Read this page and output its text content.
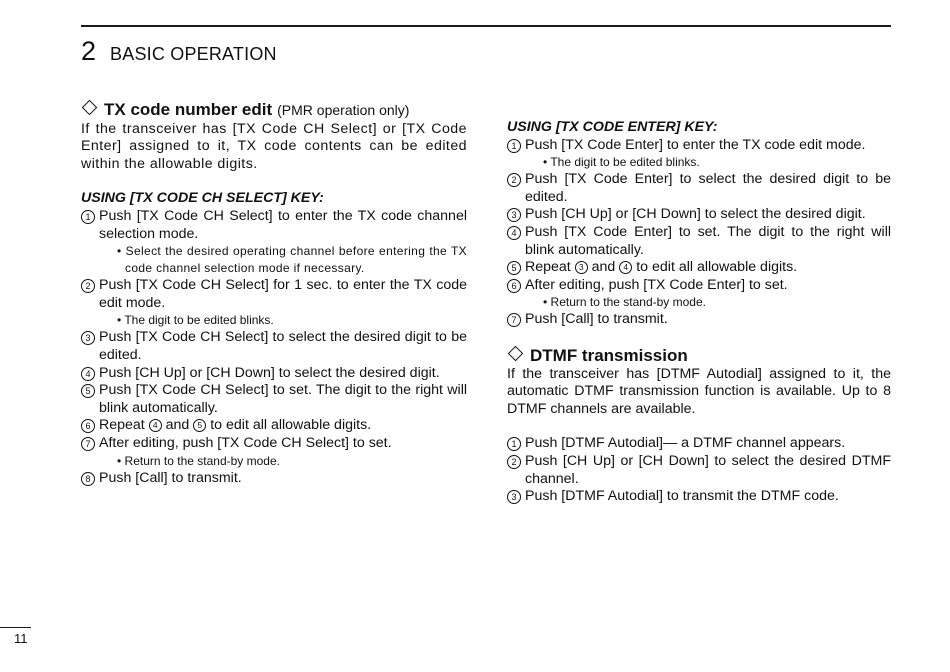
2 BASIC OPERATION
TX code number edit (PMR operation only)

If the transceiver has [TX Code CH Select] or [TX Code Enter] assigned to it, TX code contents can be edited within the allowable digits.

USING [TX CODE CH SELECT] KEY:

1 Push [TX Code CH Select] to enter the TX code channel selection mode.

• Select the desired operating channel before entering the TX code channel selection mode if necessary.

2 Push [TX Code CH Select] for 1 sec. to enter the TX code edit mode.

• The digit to be edited blinks.

3 Push [TX Code CH Select] to select the desired digit to be edited.
4 Push [CH Up] or [CH Down] to select the desired digit.
5 Push [TX Code CH Select] to set. The digit to the right will blink automatically.
6 Repeat 4 and 5 to edit all allowable digits.
7 After editing, push [TX Code CH Select] to set.

• Return to the stand-by mode.

8 Push [Call] to transmit.

USING [TX CODE ENTER] KEY:

1 Push [TX Code Enter] to enter the TX code edit mode.

• The digit to be edited blinks.

2 Push [TX Code Enter] to select the desired digit to be edited.
3 Push [CH Up] or [CH Down] to select the desired digit.
4 Push [TX Code Enter] to set. The digit to the right will blink automatically.
5 Repeat 3 and 4 to edit all allowable digits.
6 After editing, push [TX Code Enter] to set.

• Return to the stand-by mode.

7 Push [Call] to transmit.
DTMF transmission

If the transceiver has [DTMF Autodial] assigned to it, the automatic DTMF transmission function is available. Up to 8 DTMF channels are available.

1 Push [DTMF Autodial]— a DTMF channel appears.
2 Push [CH Up] or [CH Down] to select the desired DTMF channel.
3 Push [DTMF Autodial] to transmit the DTMF code.
11
